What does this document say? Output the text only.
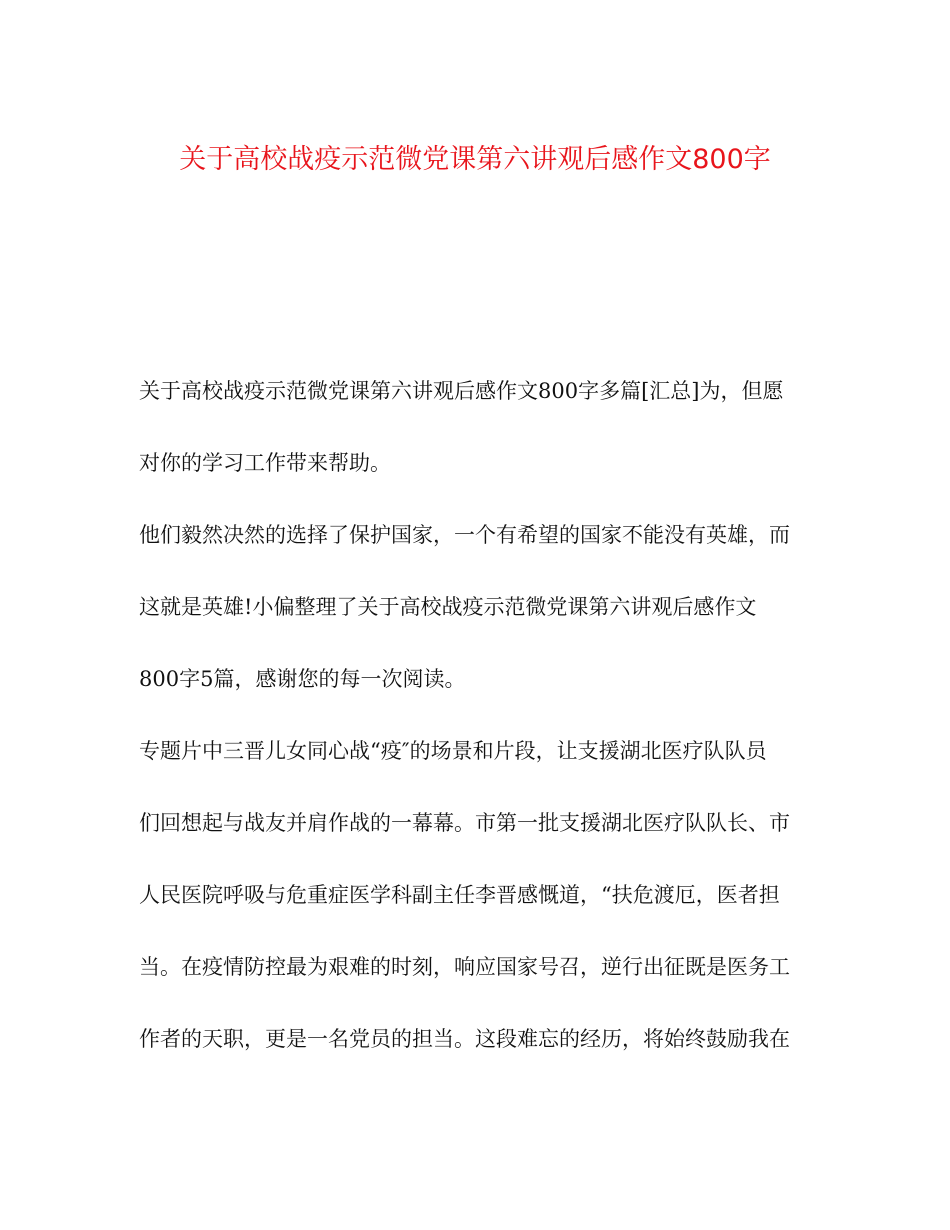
关于高校战疫示范微党课第六讲观后感作文800字
关于高校战疫示范微党课第六讲观后感作文800字多篇[汇总]为，但愿
对你的学习工作带来帮助。
他们毅然决然的选择了保护国家，一个有希望的国家不能没有英雄，而
这就是英雄!小偏整理了关于高校战疫示范微党课第六讲观后感作文
800字5篇，感谢您的每一次阅读。
专题片中三晋儿女同心战“疫″的场景和片段，让支援湖北医疗队队员
们回想起与战友并肩作战的一幕幕。市第一批支援湖北医疗队队长、市
人民医院呼吸与危重症医学科副主任李晋感慨道，“扶危渡厄，医者担
当。在疫情防控最为艰难的时刻，响应国家号召，逆行出征既是医务工
作者的天职，更是一名党员的担当。这段难忘的经历，将始终鼓励我在
